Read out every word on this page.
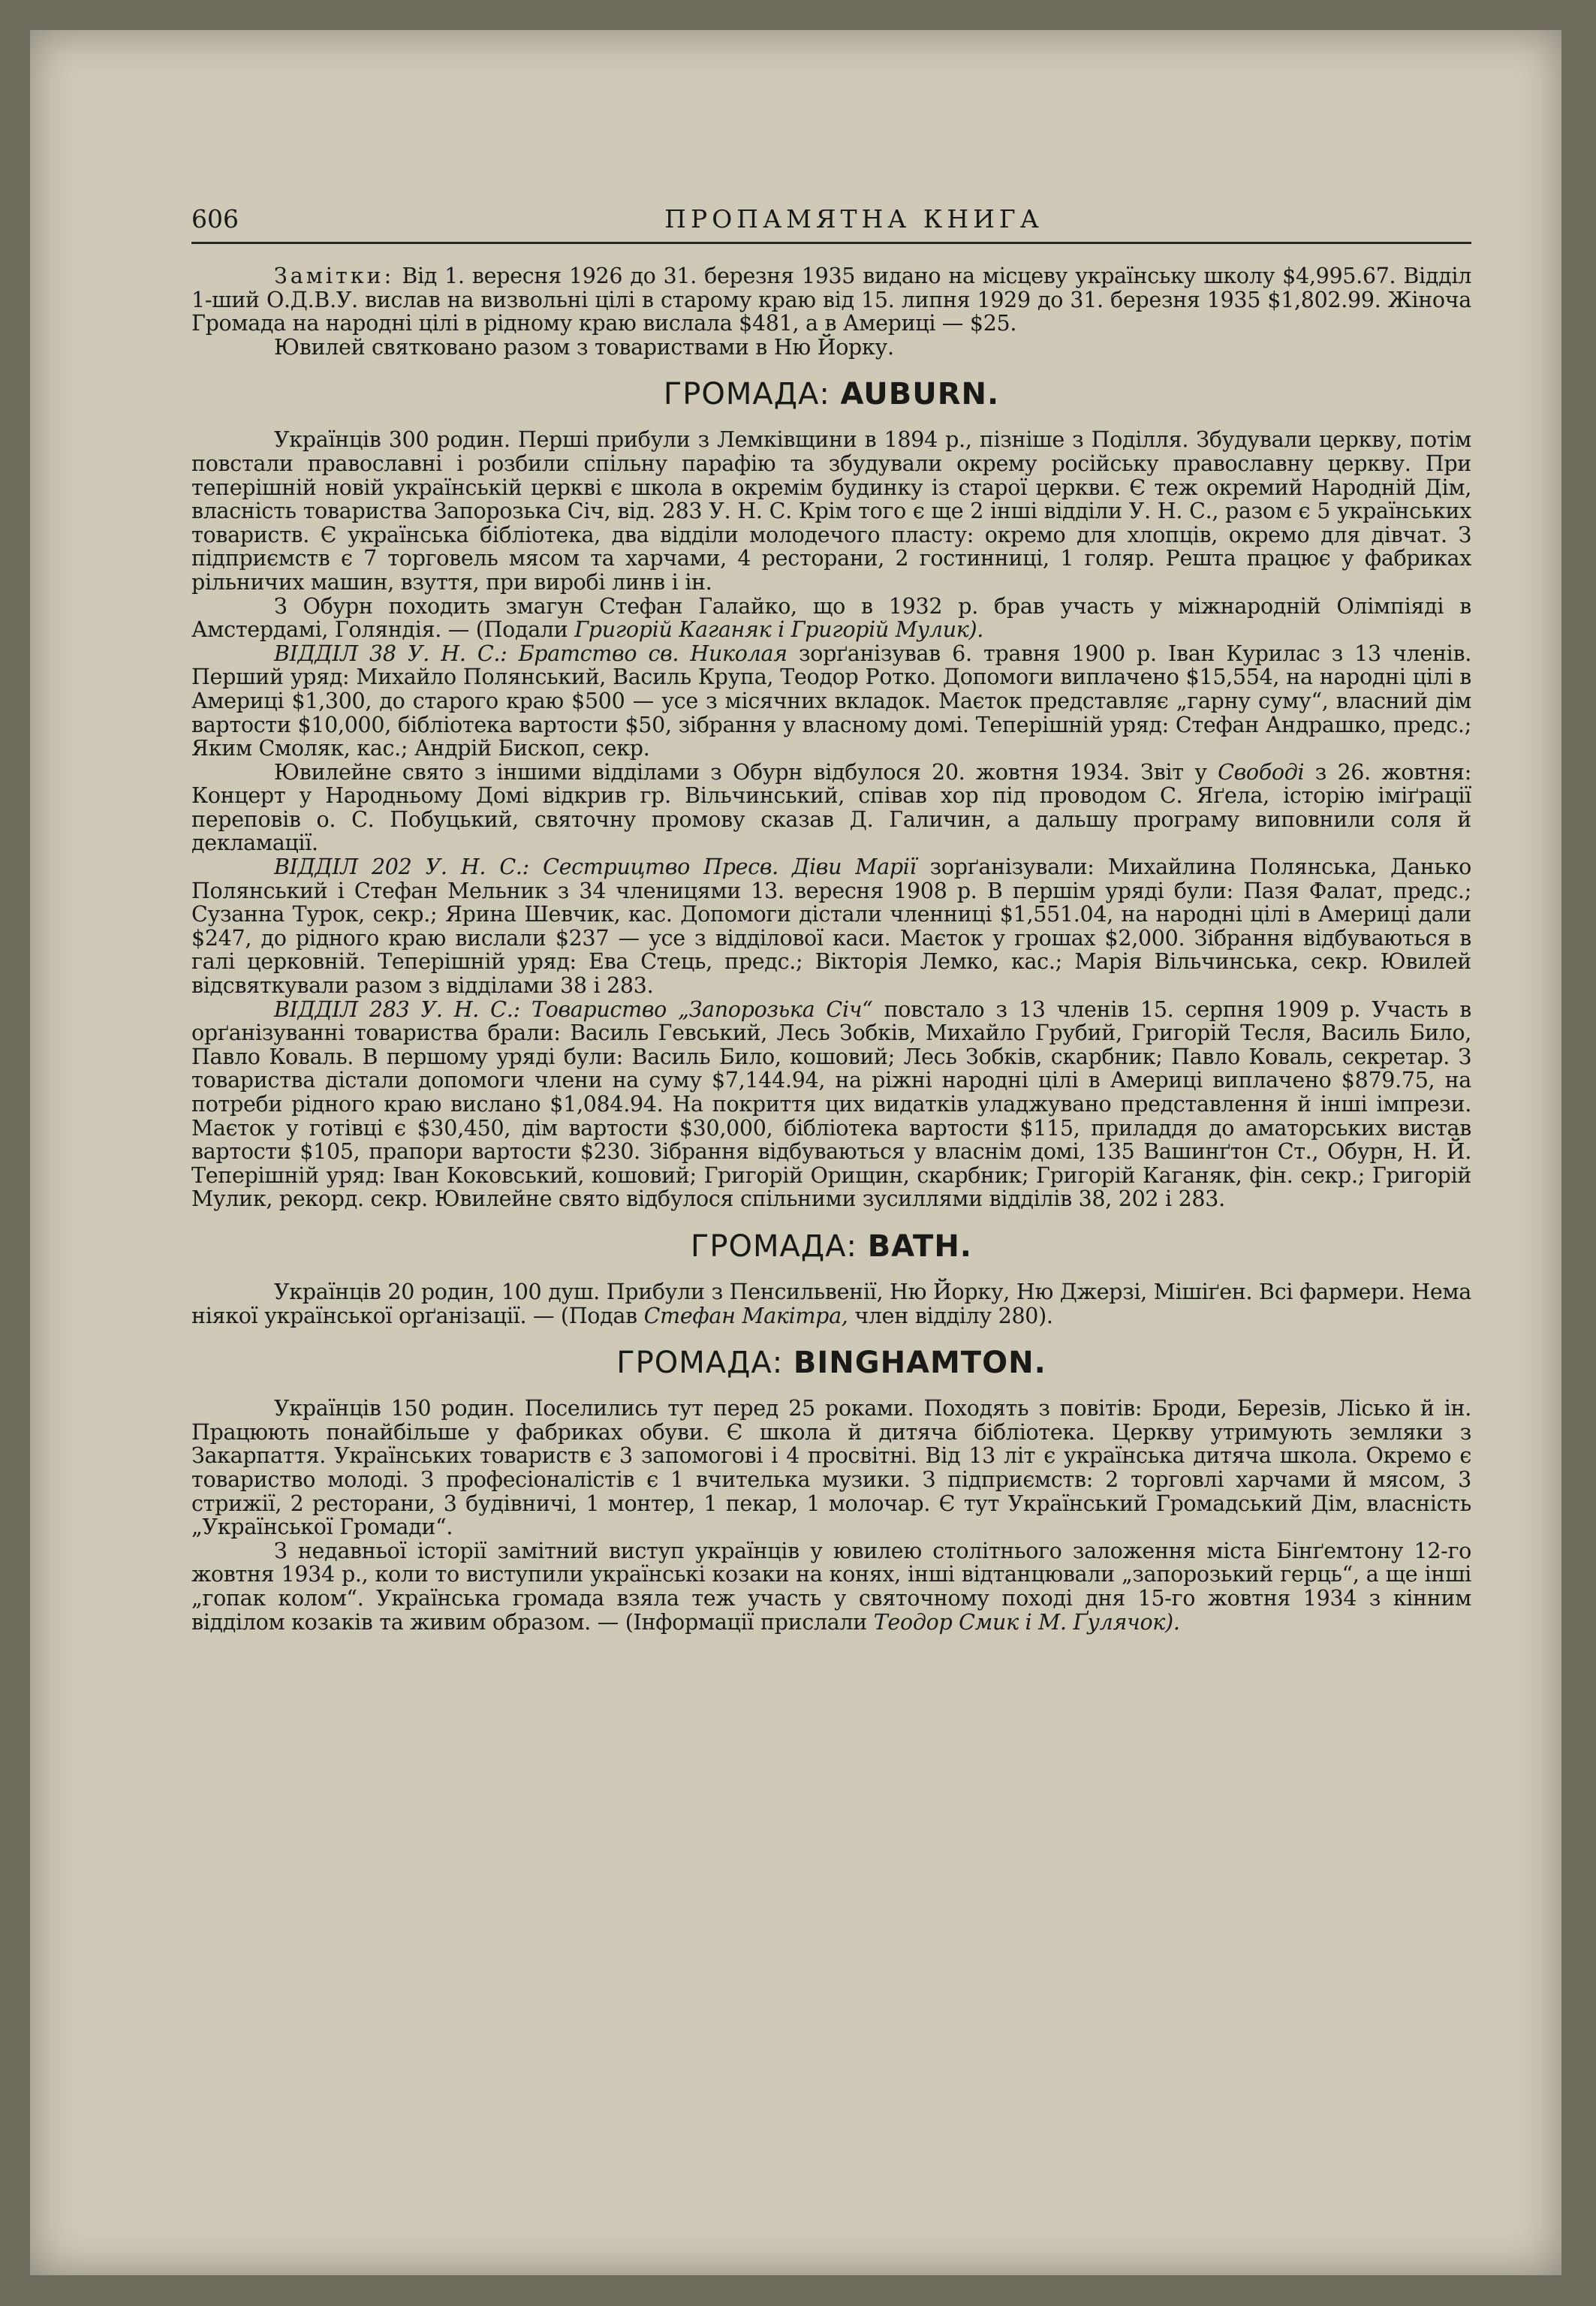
606	ПРОПАМЯТНА КНИГА

Замітки: Від 1. вересня 1926 до 31. березня 1935 видано на місцеву українську школу $4,995.67. Відділ 1-ший О.Д.В.У. вислав на визвольні цілі в старому краю від 15. липня 1929 до 31. березня 1935 $1,802.99. Жіноча Громада на народні цілі в рідному краю вислала $481, а в Америці — $25.

Ювилей святковано разом з товариствами в Ню Йорку.

ГРОМАДА: AUBURN.

Українців 300 родин. Перші прибули з Лемківщини в 1894 р., пізніше з Поділля. Збудували церкву, потім повстали православні і розбили спільну парафію та збудували окрему російську православну церкву. При теперішній новій українській церкві є школа в окремім будинку із старої церкви. Є теж окремий Народній Дім, власність товариства Запорозька Січ, від. 283 У. Н. С. Крім того є ще 2 інші відділи У. Н. С., разом є 5 українських товариств. Є українська бібліотека, два відділи молодечого пласту: окремо для хлопців, окремо для дівчат. З підприємств є 7 торговель мясом та харчами, 4 ресторани, 2 гостинниці, 1 голяр. Решта працює у фабриках рільничих машин, взуття, при виробі линв і ін.

З Обурн походить змагун Стефан Галайко, що в 1932 р. брав участь у міжнародній Олімпіяді в Амстердамі, Голяндія. — (Подали Григорій Каганяк і Григорій Мулик).

ВІДДІЛ 38 У. Н. С.: Братство св. Николая зорґанізував 6. травня 1900 р. Іван Курилас з 13 членів. Перший уряд: Михайло Полянський, Василь Крупа, Теодор Ротко. Допомоги виплачено $15,554, на народні цілі в Америці $1,300, до старого краю $500 — усе з місячних вкладок. Маєток представляє „гарну суму“, власний дім вартости $10,000, бібліотека вартости $50, зібрання у власному домі. Теперішній уряд: Стефан Андрашко, предс.; Яким Смоляк, кас.; Андрій Бископ, секр.

Ювилейне свято з іншими відділами з Обурн відбулося 20. жовтня 1934. Звіт у Свободі з 26. жовтня: Концерт у Народньому Домі відкрив гр. Вільчинський, співав хор під проводом С. Яґела, історію іміґрації переповів о. С. Побуцький, святочну промову сказав Д. Галичин, а дальшу програму виповнили соля й декламації.

ВІДДІЛ 202 У. Н. С.: Сестрицтво Пресв. Діви Марії зорґанізували: Михайлина Полянська, Данько Полянський і Стефан Мельник з 34 членицями 13. вересня 1908 р. В першім уряді були: Пазя Фалат, предс.; Сузанна Турок, секр.; Ярина Шевчик, кас. Допомоги дістали членниці $1,551.04, на народні цілі в Америці дали $247, до рідного краю вислали $237 — усе з відділової каси. Маєток у грошах $2,000. Зібрання відбуваються в галі церковній. Теперішній уряд: Ева Стець, предс.; Вікторія Лемко, кас.; Марія Вільчинська, секр. Ювилей відсвяткували разом з відділами 38 і 283.

ВІДДІЛ 283 У. Н. С.: Товариство „Запорозька Січ“ повстало з 13 членів 15. серпня 1909 р. Участь в орґанізуванні товариства брали: Василь Гевський, Лесь Зобків, Михайло Грубий, Григорій Тесля, Василь Било, Павло Коваль. В першому уряді були: Василь Било, кошовий; Лесь Зобків, скарбник; Павло Коваль, секретар. З товариства дістали допомоги члени на суму $7,144.94, на ріжні народні цілі в Америці виплачено $879.75, на потреби рідного краю вислано $1,084.94. На покриття цих видатків уладжувано представлення й інші імпрези. Маєток у готівці є $30,450, дім вартости $30,000, бібліотека вартости $115, приладдя до аматорських вистав вартости $105, прапори вартости $230. Зібрання відбуваються у власнім домі, 135 Вашинґтон Ст., Обурн, Н. Й. Теперішній уряд: Іван Коковський, кошовий; Григорій Орищин, скарбник; Григорій Каганяк, фін. секр.; Григорій Мулик, рекорд. секр. Ювилейне свято відбулося спільними зусиллями відділів 38, 202 і 283.

ГРОМАДА: BATH.

Українців 20 родин, 100 душ. Прибули з Пенсильвенії, Ню Йорку, Ню Джерзі, Мішіґен. Всі фармери. Нема ніякої української орґанізації. — (Подав Стефан Макітра, член відділу 280).

ГРОМАДА: BINGHAMTON.

Українців 150 родин. Поселились тут перед 25 роками. Походять з повітів: Броди, Березів, Лісько й ін. Працюють понайбільше у фабриках обуви. Є школа й дитяча бібліотека. Церкву утримують земляки з Закарпаття. Українських товариств є 3 запомогові і 4 просвітні. Від 13 літ є українська дитяча школа. Окремо є товариство молоді. З професіоналістів є 1 вчителька музики. З підприємств: 2 торговлі харчами й мясом, 3 стрижії, 2 ресторани, 3 будівничі, 1 монтер, 1 пекар, 1 молочар. Є тут Український Громадський Дім, власність „Української Громади“.

З недавньої історії замітний виступ українців у ювилею столітнього заложення міста Бінґемтону 12-го жовтня 1934 р., коли то виступили українські козаки на конях, інші відтанцювали „запорозький герць“, а ще інші „гопак колом“. Українська громада взяла теж участь у святочному поході дня 15-го жовтня 1934 з кінним відділом козаків та живим образом. — (Інформації прислали Теодор Смик і М. Ґулячок).
